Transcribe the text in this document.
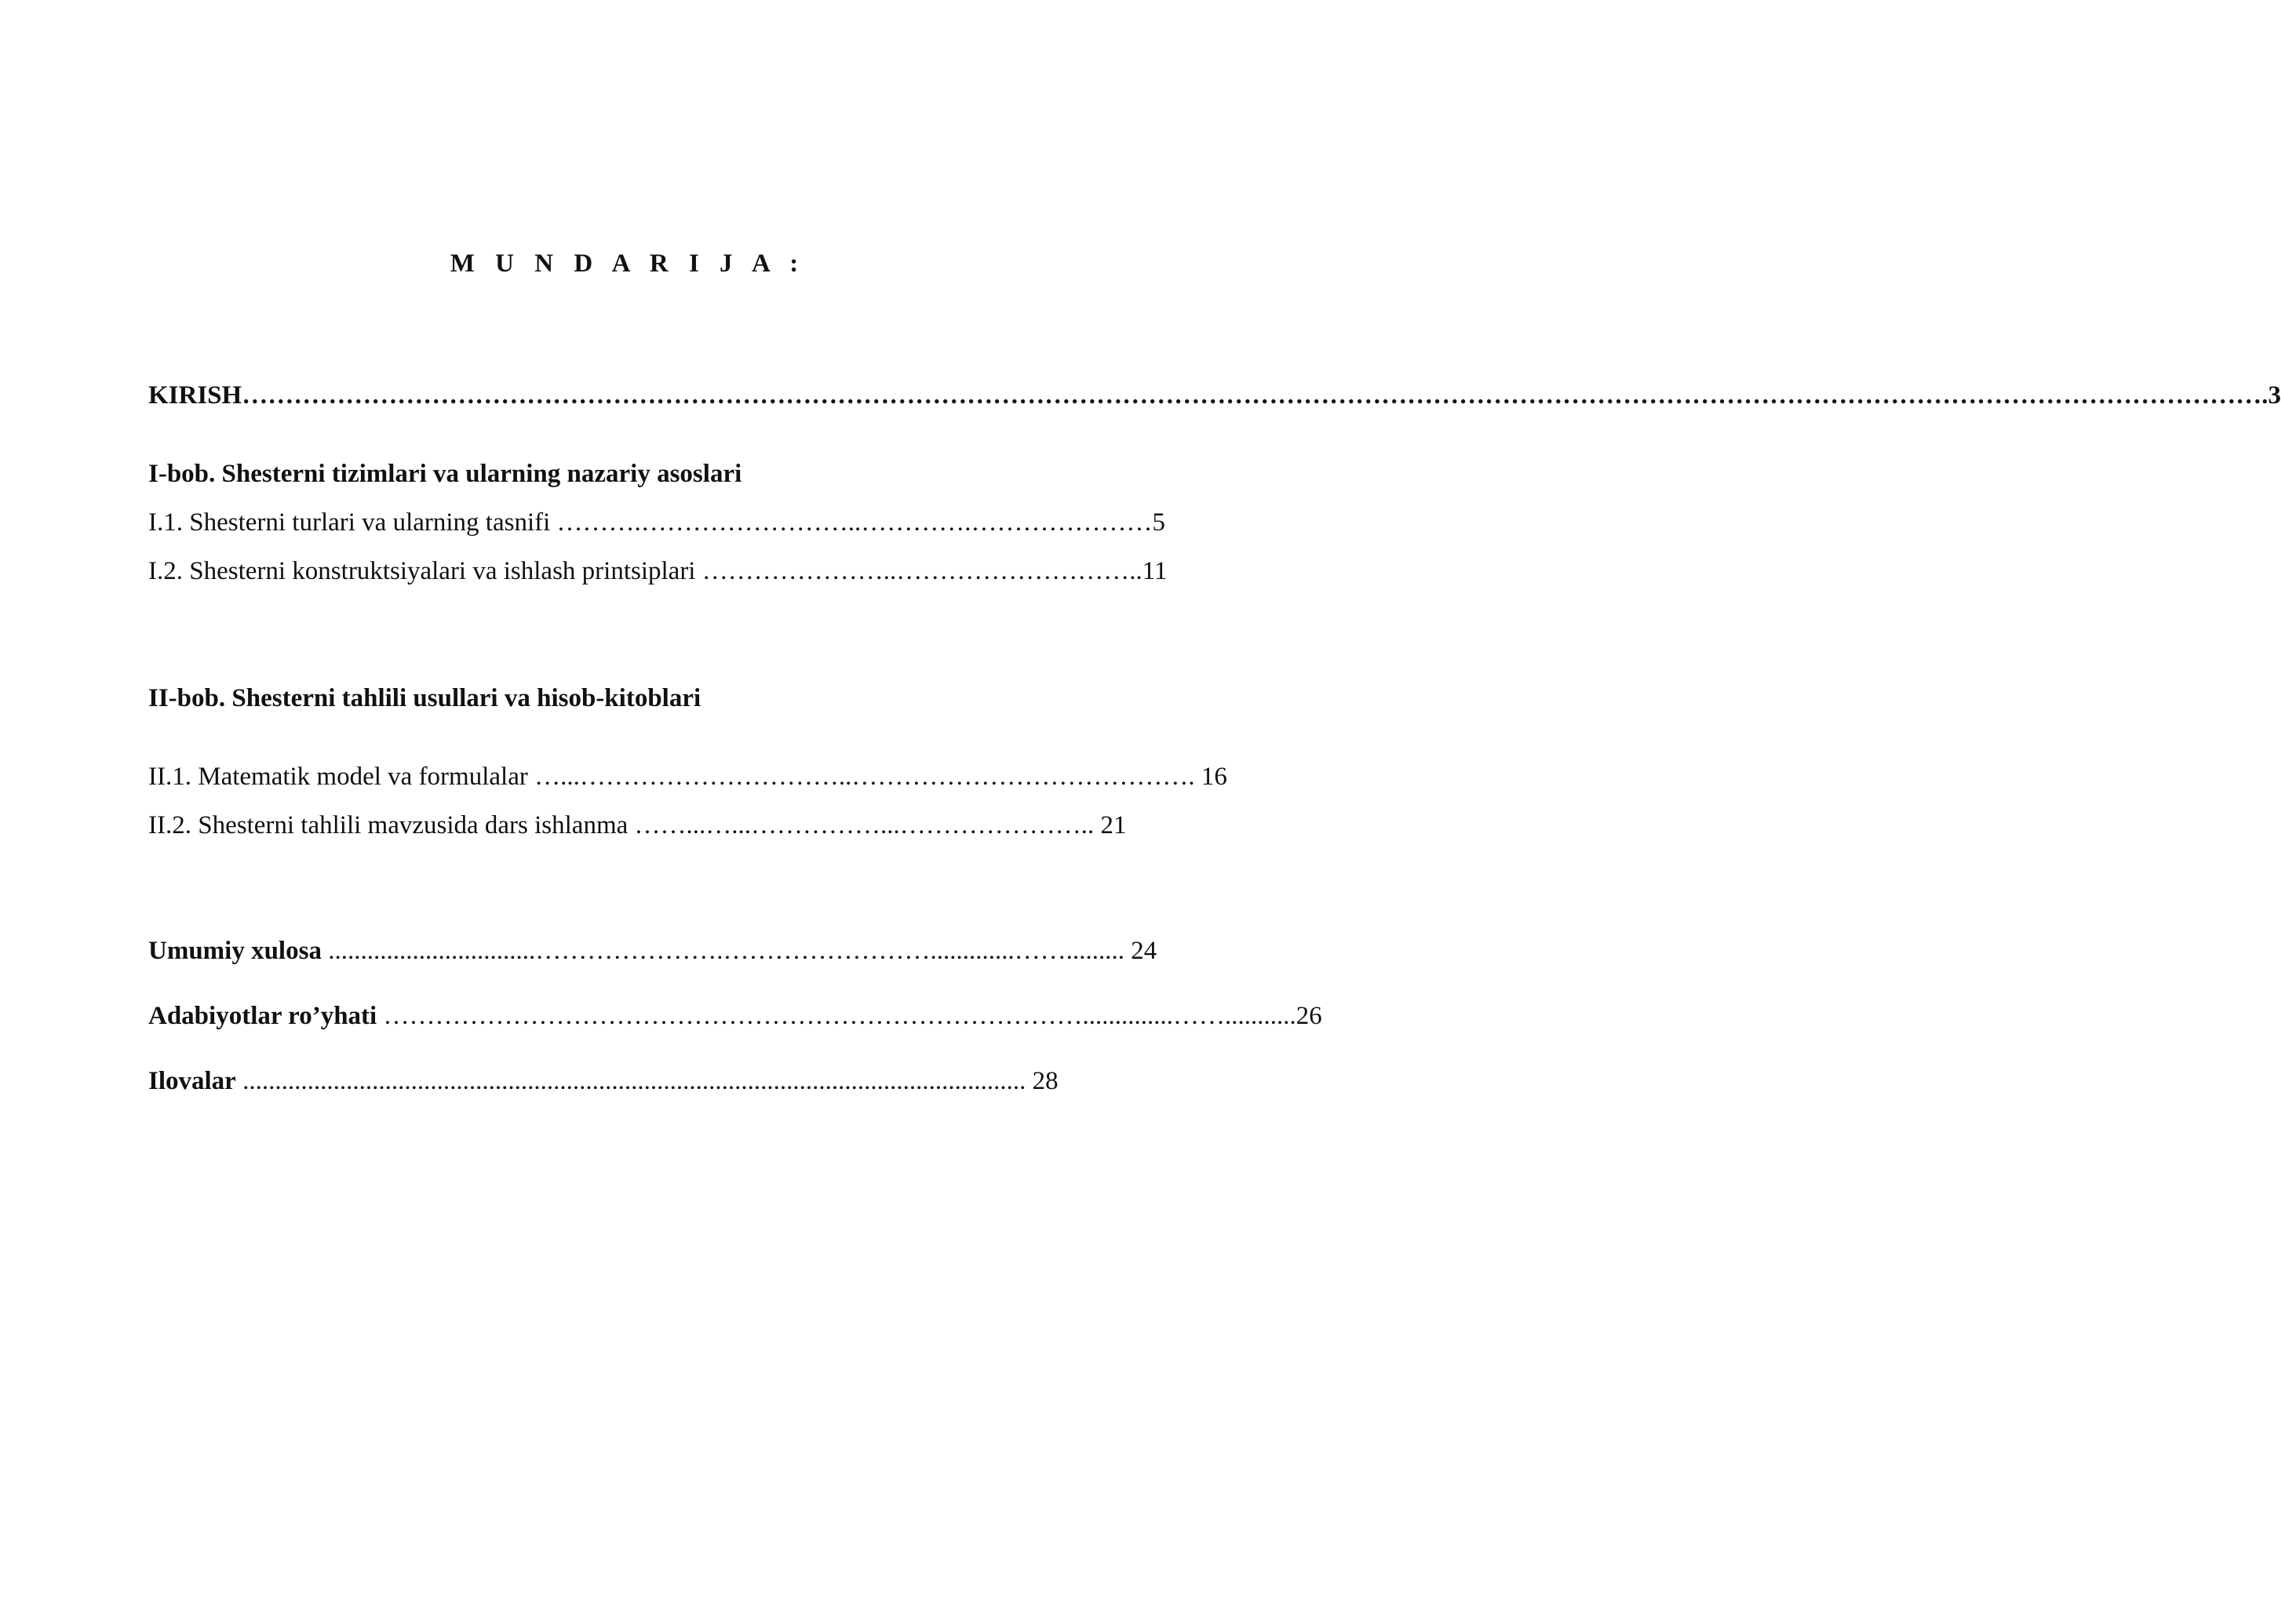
M U N D A R I J A :
KIRISH……………………………………………………………………………………………………………………………………………………………………………………………………………….3
I-bob. Shesterni tizimlari va ularning nazariy asoslari
I.1. Shesterni turlari va ularning tasnifi ……….……………………..………….…………………5
I.2. Shesterni konstruktsiyalari va ishlash printsiplari …………………..………………………..11
II-bob. Shesterni tahlili usullari va hisob-kitoblari
II.1. Matematik model va formulalar …...…………………………..…………………………………. 16
II.2. Shesterni tahlili mavzusida dars ishlanma ……...…...……………...………………….. 21
Umumiy xulosa ................................………………….…………………….............……......... 24
Adabiyotlar ro’yhati ………………………………………………………………………..............……...........26
Ilovalar ......................................................................................................................... 28
